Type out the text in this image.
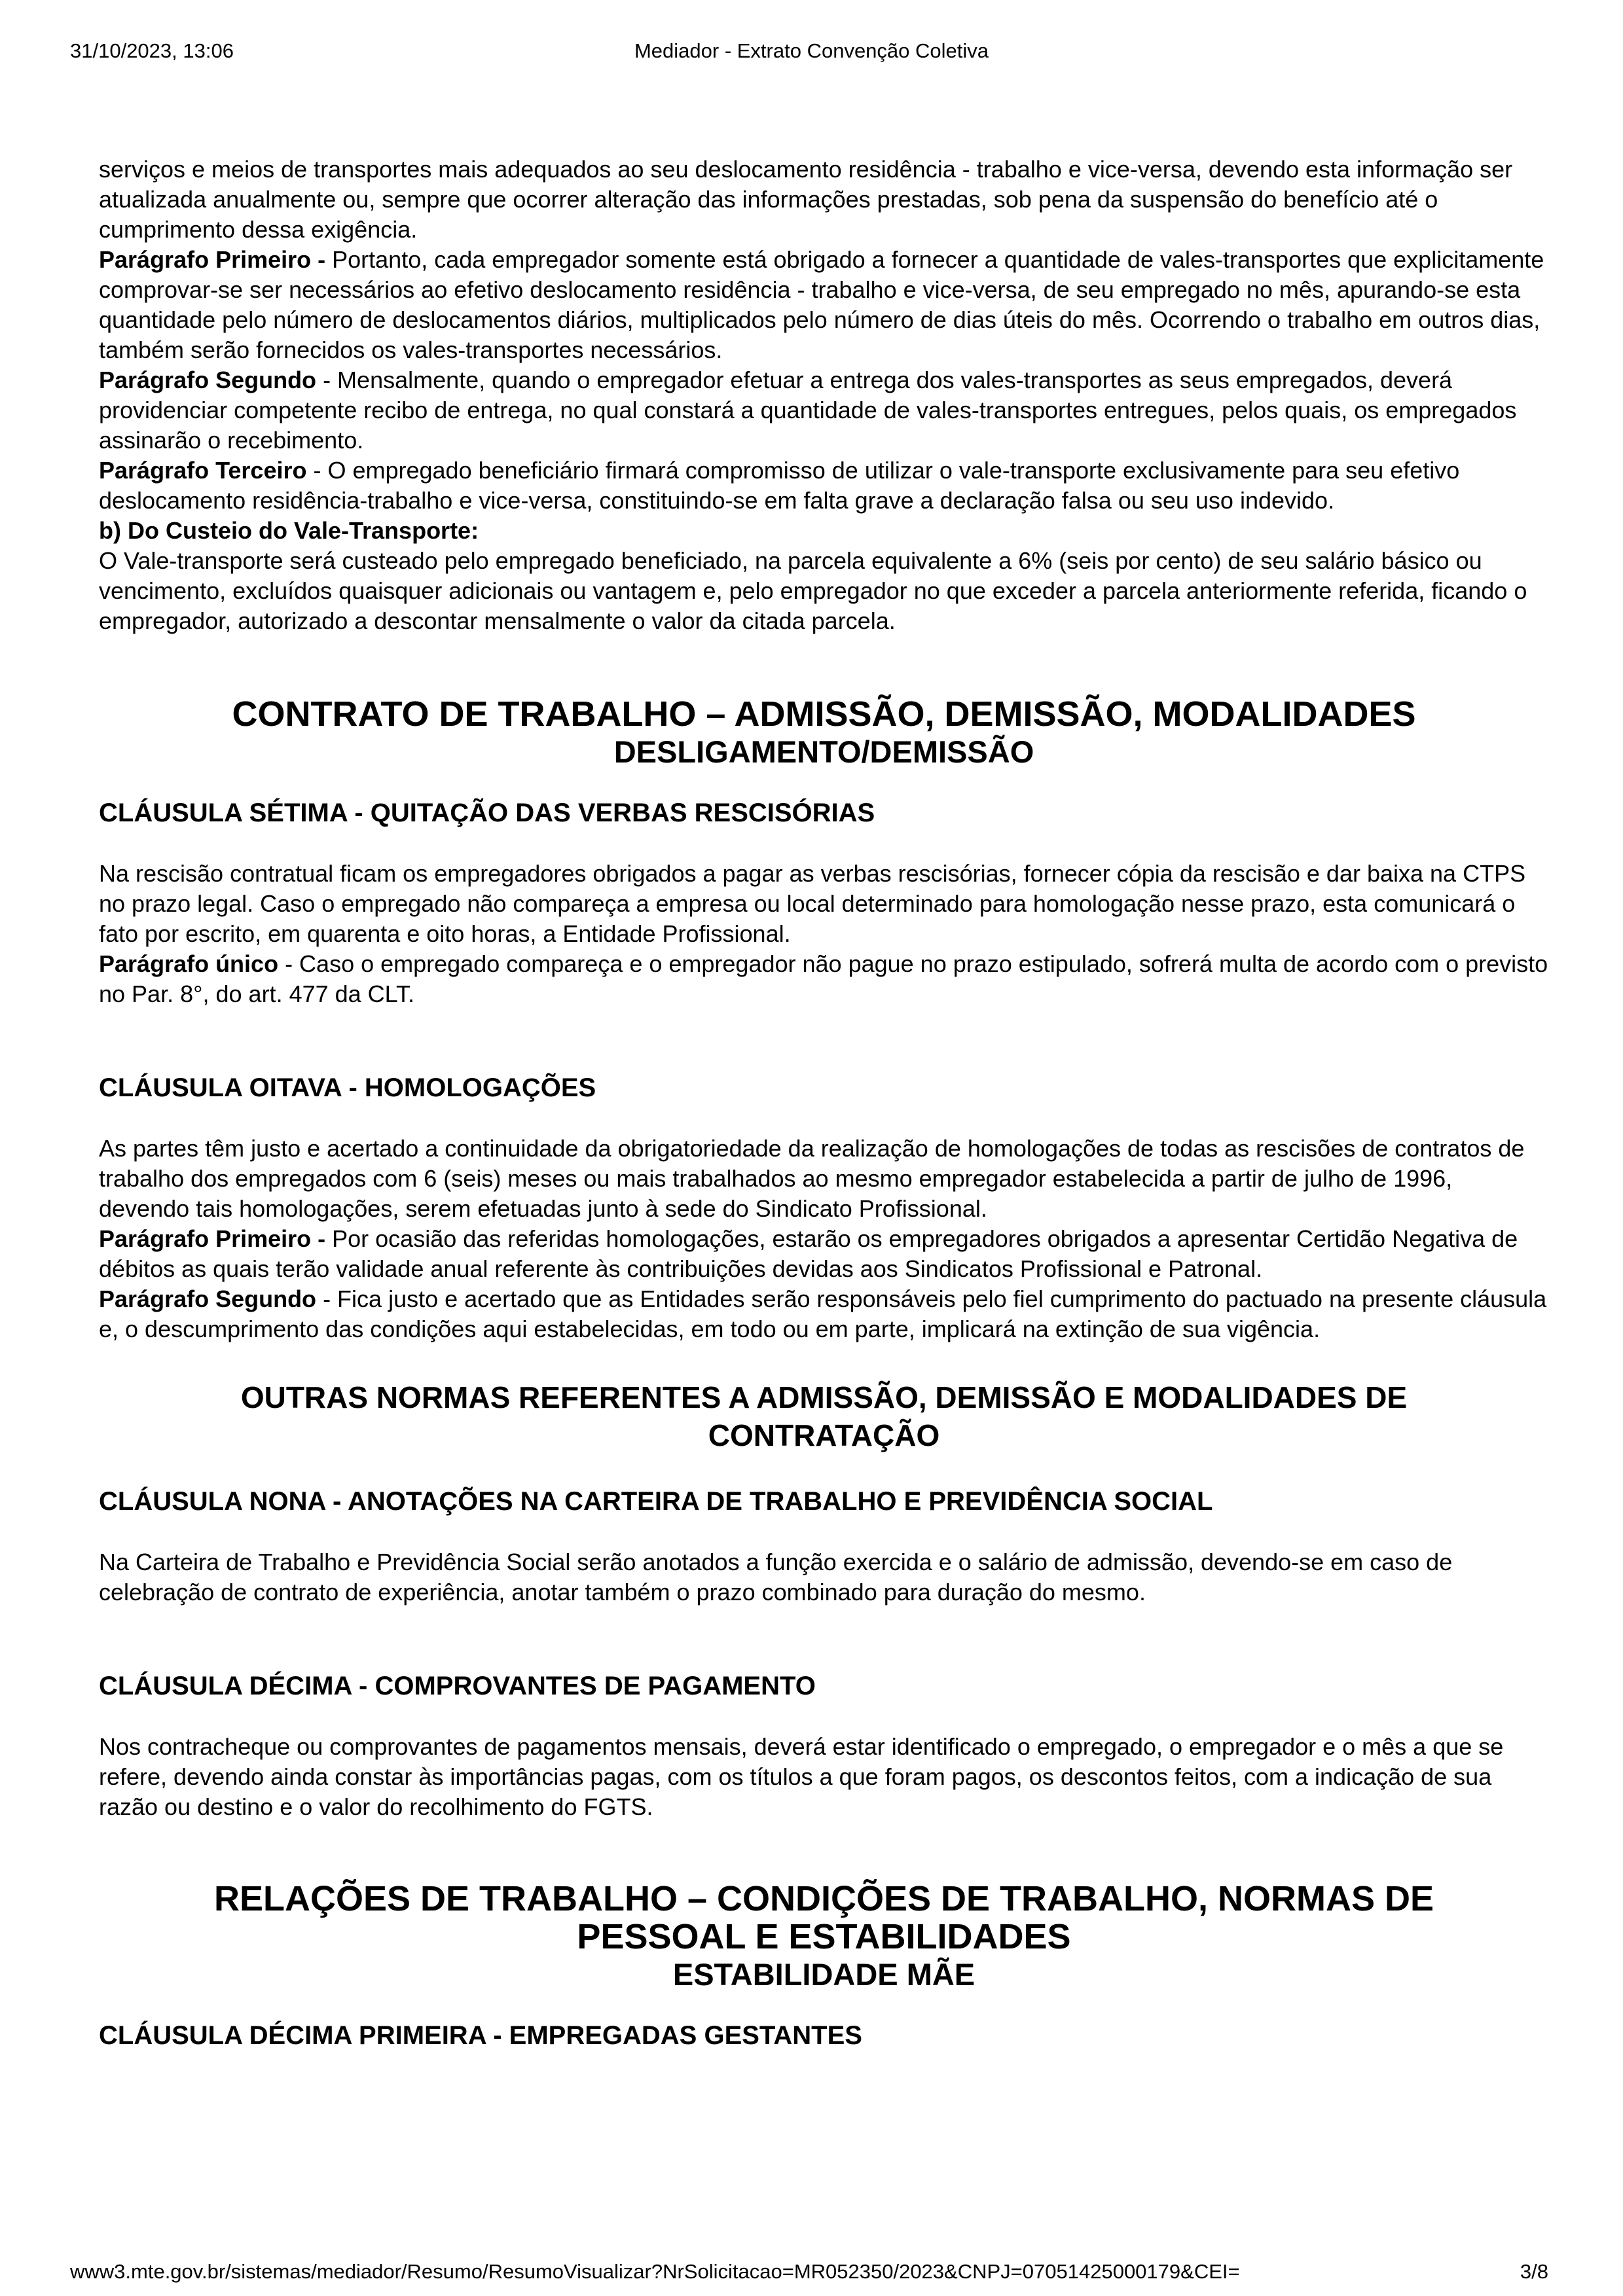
31/10/2023, 13:06	Mediador - Extrato Convenção Coletiva

serviços e meios de transportes mais adequados ao seu deslocamento residência - trabalho e vice-versa, devendo esta informação ser atualizada anualmente ou, sempre que ocorrer alteração das informações prestadas, sob pena da suspensão do benefício até o cumprimento dessa exigência.

Parágrafo Primeiro - Portanto, cada empregador somente está obrigado a fornecer a quantidade de vales-transportes que explicitamente comprovar-se ser necessários ao efetivo deslocamento residência - trabalho e vice-versa, de seu empregado no mês, apurando-se esta quantidade pelo número de deslocamentos diários, multiplicados pelo número de dias úteis do mês. Ocorrendo o trabalho em outros dias, também serão fornecidos os vales-transportes necessários.

Parágrafo Segundo - Mensalmente, quando o empregador efetuar a entrega dos vales-transportes as seus empregados, deverá providenciar competente recibo de entrega, no qual constará a quantidade de vales-transportes entregues, pelos quais, os empregados assinarão o recebimento.

Parágrafo Terceiro - O empregado beneficiário firmará compromisso de utilizar o vale-transporte exclusivamente para seu efetivo deslocamento residência-trabalho e vice-versa, constituindo-se em falta grave a declaração falsa ou seu uso indevido.

b) Do Custeio do Vale-Transporte:

O Vale-transporte será custeado pelo empregado beneficiado, na parcela equivalente a 6% (seis por cento) de seu salário básico ou vencimento, excluídos quaisquer adicionais ou vantagem e, pelo empregador no que exceder a parcela anteriormente referida, ficando o empregador, autorizado a descontar mensalmente o valor da citada parcela.

CONTRATO DE TRABALHO – ADMISSÃO, DEMISSÃO, MODALIDADES
DESLIGAMENTO/DEMISSÃO
CLÁUSULA SÉTIMA - QUITAÇÃO DAS VERBAS RESCISÓRIAS

Na rescisão contratual ficam os empregadores obrigados a pagar as verbas rescisórias, fornecer cópia da rescisão e dar baixa na CTPS no prazo legal. Caso o empregado não compareça a empresa ou local determinado para homologação nesse prazo, esta comunicará o fato por escrito, em quarenta e oito horas, a Entidade Profissional.

Parágrafo único - Caso o empregado compareça e o empregador não pague no prazo estipulado, sofrerá multa de acordo com o previsto no Par. 8°, do art. 477 da CLT.

CLÁUSULA OITAVA - HOMOLOGAÇÕES

As partes têm justo e acertado a continuidade da obrigatoriedade da realização de homologações de todas as rescisões de contratos de trabalho dos empregados com 6 (seis) meses ou mais trabalhados ao mesmo empregador estabelecida a partir de julho de 1996, devendo tais homologações, serem efetuadas junto à sede do Sindicato Profissional.

Parágrafo Primeiro - Por ocasião das referidas homologações, estarão os empregadores obrigados a apresentar Certidão Negativa de débitos as quais terão validade anual referente às contribuições devidas aos Sindicatos Profissional e Patronal.

Parágrafo Segundo - Fica justo e acertado que as Entidades serão responsáveis pelo fiel cumprimento do pactuado na presente cláusula e, o descumprimento das condições aqui estabelecidas, em todo ou em parte, implicará na extinção de sua vigência.

OUTRAS NORMAS REFERENTES A ADMISSÃO, DEMISSÃO E MODALIDADES DE CONTRATAÇÃO
CLÁUSULA NONA - ANOTAÇÕES NA CARTEIRA DE TRABALHO E PREVIDÊNCIA SOCIAL

Na Carteira de Trabalho e Previdência Social serão anotados a função exercida e o salário de admissão, devendo-se em caso de celebração de contrato de experiência, anotar também o prazo combinado para duração do mesmo.

CLÁUSULA DÉCIMA - COMPROVANTES DE PAGAMENTO

Nos contracheque ou comprovantes de pagamentos mensais, deverá estar identificado o empregado, o empregador e o mês a que se refere, devendo ainda constar às importâncias pagas, com os títulos a que foram pagos, os descontos feitos, com a indicação de sua razão ou destino e o valor do recolhimento do FGTS.

RELAÇÕES DE TRABALHO – CONDIÇÕES DE TRABALHO, NORMAS DE PESSOAL E ESTABILIDADES
ESTABILIDADE MÃE
CLÁUSULA DÉCIMA PRIMEIRA - EMPREGADAS GESTANTES
www3.mte.gov.br/sistemas/mediador/Resumo/ResumoVisualizar?NrSolicitacao=MR052350/2023&CNPJ=07051425000179&CEI=	3/8
